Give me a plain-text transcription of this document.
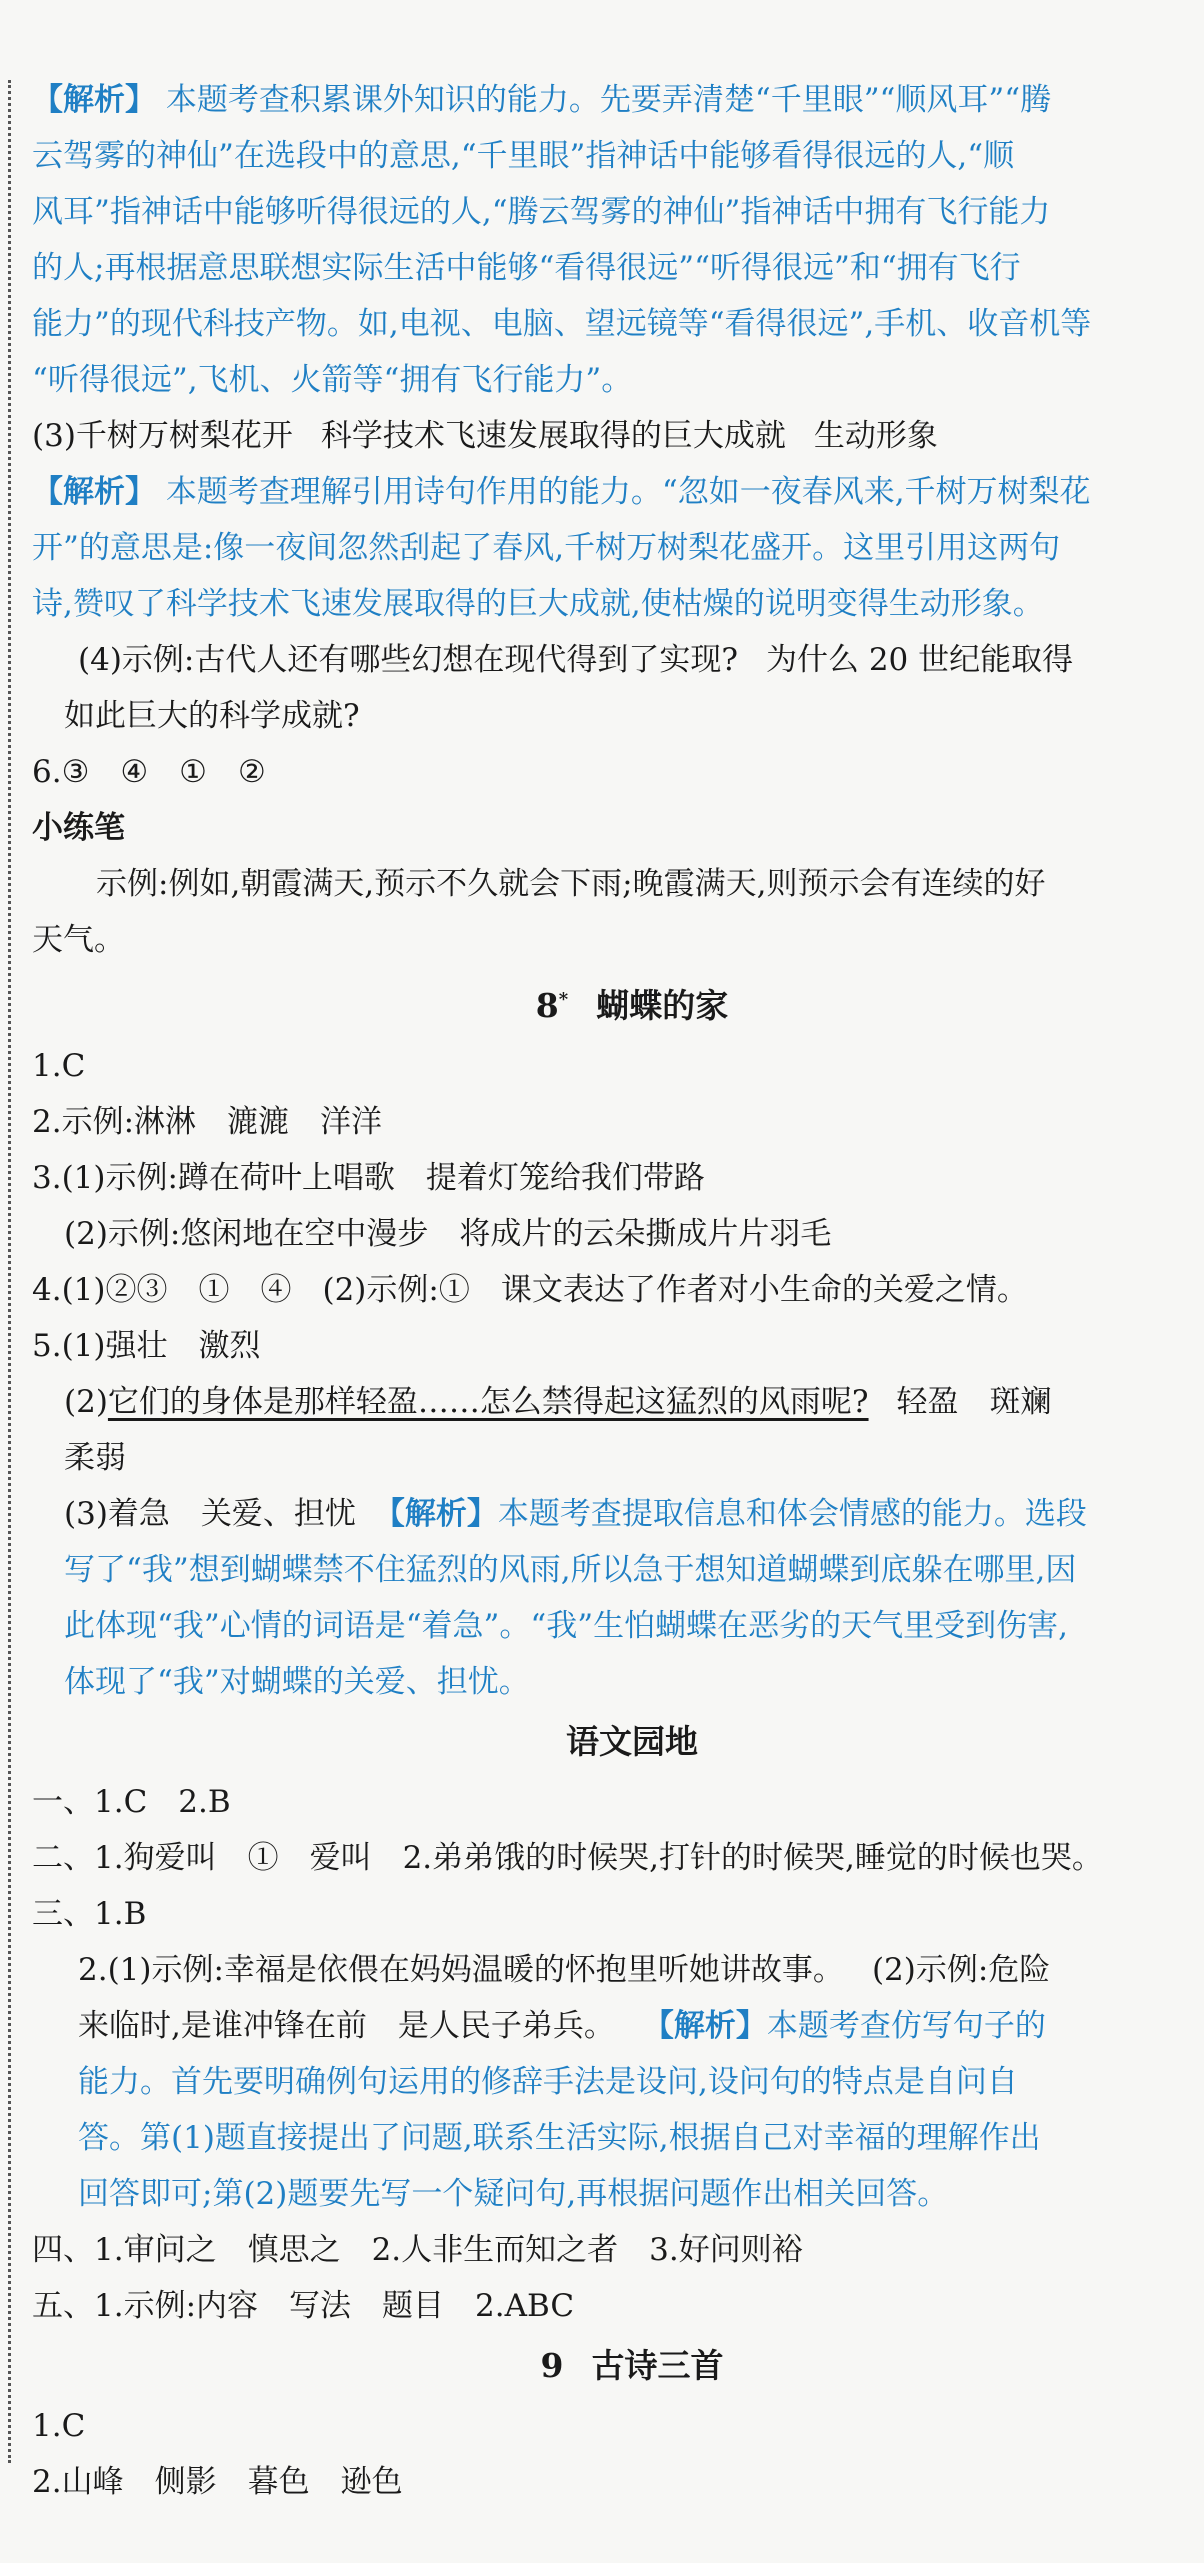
【解析】 本题考查积累课外知识的能力。先要弄清楚“千里眼”“顺风耳”“腾
云驾雾的神仙”在选段中的意思,“千里眼”指神话中能够看得很远的人,“顺
风耳”指神话中能够听得很远的人,“腾云驾雾的神仙”指神话中拥有飞行能力
的人;再根据意思联想实际生活中能够“看得很远”“听得很远”和“拥有飞行
能力”的现代科技产物。如,电视、电脑、望远镜等“看得很远”,手机、收音机等
“听得很远”,飞机、火箭等“拥有飞行能力”。
(3)千树万树梨花开 科学技术飞速发展取得的巨大成就 生动形象
【解析】 本题考查理解引用诗句作用的能力。“忽如一夜春风来,千树万树梨花
开”的意思是:像一夜间忽然刮起了春风,千树万树梨花盛开。这里引用这两句
诗,赞叹了科学技术飞速发展取得的巨大成就,使枯燥的说明变得生动形象。
(4)示例:古代人还有哪些幻想在现代得到了实现? 为什么 20 世纪能取得
如此巨大的科学成就?
6.③　④　①　②
小练笔
示例:例如,朝霞满天,预示不久就会下雨;晚霞满天,则预示会有连续的好
天气。
8* 蝴蝶的家
1.C
2.示例:淋淋　漉漉　洋洋
3.(1)示例:蹲在荷叶上唱歌　提着灯笼给我们带路
(2)示例:悠闲地在空中漫步　将成片的云朵撕成片片羽毛
4.(1)②③　①　④　(2)示例:①　课文表达了作者对小生命的关爱之情。
5.(1)强壮　激烈
(2)它们的身体是那样轻盈……怎么禁得起这猛烈的风雨呢? 轻盈　斑斓
柔弱
(3)着急　关爱、担忧 【解析】本题考查提取信息和体会情感的能力。选段
写了“我”想到蝴蝶禁不住猛烈的风雨,所以急于想知道蝴蝶到底躲在哪里,因
此体现“我”心情的词语是“着急”。“我”生怕蝴蝶在恶劣的天气里受到伤害,
体现了“我”对蝴蝶的关爱、担忧。
语文园地
一、1.C　2.B
二、1.狗爱叫　①　爱叫　2.弟弟饿的时候哭,打针的时候哭,睡觉的时候也哭。
三、1.B
2.(1)示例:幸福是依偎在妈妈温暖的怀抱里听她讲故事。 (2)示例:危险
来临时,是谁冲锋在前　是人民子弟兵。 【解析】本题考查仿写句子的
能力。首先要明确例句运用的修辞手法是设问,设问句的特点是自问自
答。第(1)题直接提出了问题,联系生活实际,根据自己对幸福的理解作出
回答即可;第(2)题要先写一个疑问句,再根据问题作出相关回答。
四、1.审问之　慎思之　2.人非生而知之者　3.好问则裕
五、1.示例:内容　写法　题目　2.ABC
9 古诗三首
1.C
2.山峰　侧影　暮色　逊色
